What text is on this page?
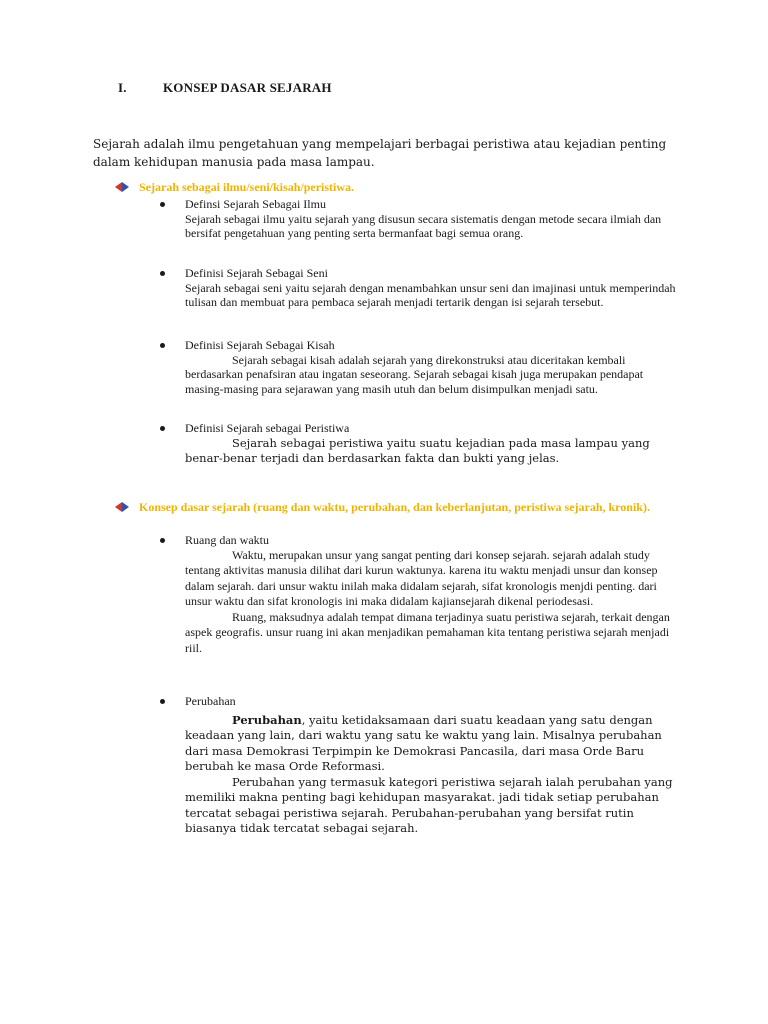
I.	KONSEP DASAR SEJARAH
Sejarah adalah ilmu pengetahuan yang mempelajari berbagai peristiwa atau kejadian penting dalam kehidupan manusia pada masa lampau.
Sejarah sebagai ilmu/seni/kisah/peristiwa.
Definsi Sejarah Sebagai Ilmu
Sejarah sebagai ilmu yaitu sejarah yang disusun secara sistematis dengan metode secara ilmiah dan bersifat pengetahuan yang penting serta bermanfaat bagi semua orang.
Definisi Sejarah Sebagai Seni
Sejarah sebagai seni yaitu sejarah dengan menambahkan unsur seni dan imajinasi untuk memperindah tulisan dan membuat para pembaca sejarah menjadi tertarik dengan isi sejarah tersebut.
Definisi Sejarah Sebagai Kisah
Sejarah sebagai kisah adalah sejarah yang direkonstruksi atau diceritakan kembali berdasarkan penafsiran atau ingatan seseorang. Sejarah sebagai kisah juga merupakan pendapat masing-masing para sejarawan yang masih utuh dan belum disimpulkan menjadi satu.
Definisi Sejarah sebagai Peristiwa
Sejarah sebagai peristiwa yaitu suatu kejadian pada masa lampau yang benar-benar terjadi dan berdasarkan fakta dan bukti yang jelas.
Konsep dasar sejarah (ruang dan waktu, perubahan, dan keberlanjutan, peristiwa sejarah, kronik).
Ruang dan waktu
Waktu, merupakan unsur yang sangat penting dari konsep sejarah. sejarah adalah study tentang aktivitas manusia dilihat dari kurun waktunya. karena itu waktu menjadi unsur dan konsep dalam sejarah. dari unsur waktu inilah maka didalam sejarah, sifat kronologis menjdi penting. dari unsur waktu dan sifat kronologis ini maka didalam kajiansejarah dikenal periodesasi.
Ruang, maksudnya adalah tempat dimana terjadinya suatu peristiwa sejarah, terkait dengan aspek geografis. unsur ruang ini akan menjadikan pemahaman kita tentang peristiwa sejarah menjadi riil.
Perubahan
Perubahan, yaitu ketidaksamaan dari suatu keadaan yang satu dengan keadaan yang lain, dari waktu yang satu ke waktu yang lain. Misalnya perubahan dari masa Demokrasi Terpimpin ke Demokrasi Pancasila, dari masa Orde Baru berubah ke masa Orde Reformasi.
Perubahan yang termasuk kategori peristiwa sejarah ialah perubahan yang memiliki makna penting bagi kehidupan masyarakat. jadi tidak setiap perubahan tercatat sebagai peristiwa sejarah. Perubahan-perubahan yang bersifat rutin biasanya tidak tercatat sebagai sejarah.
